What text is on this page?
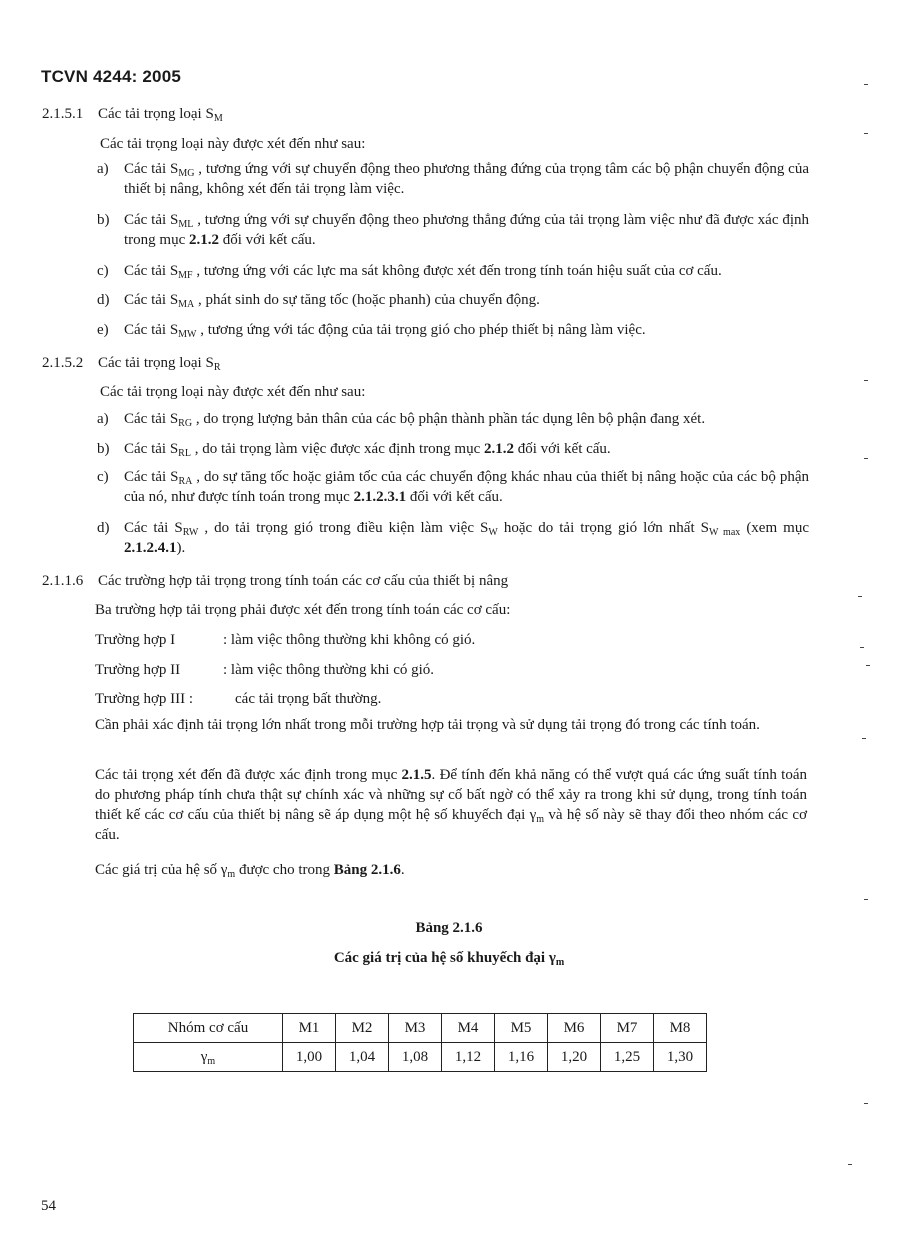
TCVN 4244: 2005
2.1.5.1 Các tải trọng loại $S_M$
Các tải trọng loại này được xét đến như sau:
a) Các tải $S_{MG}$ , tương ứng với sự chuyển động theo phương thẳng đứng của trọng tâm các bộ phận chuyển động của thiết bị nâng, không xét đến tải trọng làm việc.
b) Các tải $S_{ML}$ , tương ứng với sự chuyển động theo phương thẳng đứng của tải trọng làm việc như đã được xác định trong mục 2.1.2 đối với kết cấu.
c) Các tải $S_{MF}$ , tương ứng với các lực ma sát không được xét đến trong tính toán hiệu suất của cơ cấu.
d) Các tải $S_{MA}$ , phát sinh do sự tăng tốc (hoặc phanh) của chuyển động.
e) Các tải $S_{MW}$ , tương ứng với tác động của tải trọng gió cho phép thiết bị nâng làm việc.
2.1.5.2 Các tải trọng loại $S_R$
Các tải trọng loại này được xét đến như sau:
a) Các tải $S_{RG}$ , do trọng lượng bản thân của các bộ phận thành phần tác dụng lên bộ phận đang xét.
b) Các tải $S_{RL}$ , do tải trọng làm việc được xác định trong mục 2.1.2 đối với kết cấu.
c) Các tải $S_{RA}$ , do sự tăng tốc hoặc giảm tốc của các chuyển động khác nhau của thiết bị nâng hoặc của các bộ phận của nó, như được tính toán trong mục 2.1.2.3.1 đối với kết cấu.
d) Các tải $S_{RW}$ , do tải trọng gió trong điều kiện làm việc $S_W$ hoặc do tải trọng gió lớn nhất $S_{W max}$ (xem mục 2.1.2.4.1).
2.1.1.6 Các trường hợp tải trọng trong tính toán các cơ cấu của thiết bị nâng
Ba trường hợp tải trọng phải được xét đến trong tính toán các cơ cấu:
Trường hợp I	: làm việc thông thường khi không có gió.
Trường hợp II	: làm việc thông thường khi có gió.
Trường hợp III :	các tải trọng bất thường.
Cần phải xác định tải trọng lớn nhất trong mỗi trường hợp tải trọng và sử dụng tải trọng đó trong các tính toán.
Các tải trọng xét đến đã được xác định trong mục 2.1.5. Để tính đến khả năng có thể vượt quá các ứng suất tính toán do phương pháp tính chưa thật sự chính xác và những sự cố bất ngờ có thể xảy ra trong khi sử dụng, trong tính toán thiết kế các cơ cấu của thiết bị nâng sẽ áp dụng một hệ số khuyếch đại $\gamma_m$ và hệ số này sẽ thay đổi theo nhóm các cơ cấu.
Các giá trị của hệ số $\gamma_m$ được cho trong Bảng 2.1.6.
Bảng 2.1.6
Các giá trị của hệ số khuyếch đại $\gamma_m$
Nhóm cơ cấu	M1	M2	M3	M4	M5	M6	M7	M8
$\gamma_m$	1,00	1,04	1,08	1,12	1,16	1,20	1,25	1,30
54
